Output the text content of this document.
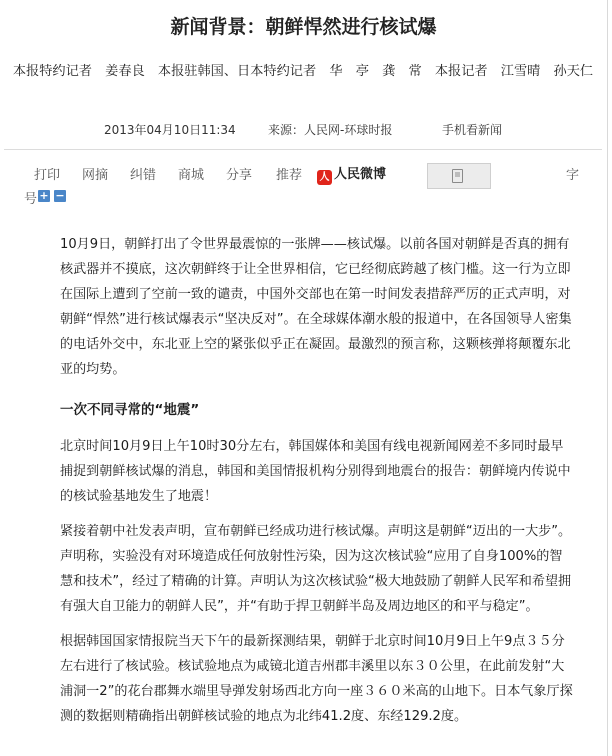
新闻背景：朝鲜悍然进行核试爆
本报特约记者　姜春良　本报驻韩国、日本特约记者　华　亭　龚　常　本报记者　江雪晴　孙天仁
2013年04月10日11:34	来源：人民网-环球时报	手机看新闻
打印 网摘 纠错 商城 分享 推荐 人 人民微博	字
号 + −

10月9日，朝鲜打出了令世界最震惊的一张牌——核试爆。以前各国对朝鲜是否真的拥有核武器并不摸底，这次朝鲜终于让全世界相信，它已经彻底跨越了核门槛。这一行为立即在国际上遭到了空前一致的谴责，中国外交部也在第一时间发表措辞严厉的正式声明，对朝鲜“悍然”进行核试爆表示“坚决反对”。在全球媒体潮水般的报道中，在各国领导人密集的电话外交中，东北亚上空的紧张似乎正在凝固。最激烈的预言称，这颗核弹将颠覆东北亚的均势。

一次不同寻常的“地震”

北京时间10月9日上午10时30分左右，韩国媒体和美国有线电视新闻网差不多同时最早捕捉到朝鲜核试爆的消息，韩国和美国情报机构分别得到地震台的报告：朝鲜境内传说中的核试验基地发生了地震！

紧接着朝中社发表声明，宣布朝鲜已经成功进行核试爆。声明这是朝鲜“迈出的一大步”。声明称，实验没有对环境造成任何放射性污染，因为这次核试验“应用了自身100%的智慧和技术”，经过了精确的计算。声明认为这次核试验“极大地鼓励了朝鲜人民军和希望拥有强大自卫能力的朝鲜人民”，并“有助于捍卫朝鲜半岛及周边地区的和平与稳定”。

根据韩国国家情报院当天下午的最新探测结果，朝鲜于北京时间10月9日上午9点３５分左右进行了核试验。核试验地点为咸镜北道吉州郡丰溪里以东３０公里，在此前发射“大浦洞一2”的花台郡舞水端里导弹发射场西北方向一座３６０米高的山地下。日本气象厅探测的数据则精确指出朝鲜核试验的地点为北纬41.2度、东经129.2度。
